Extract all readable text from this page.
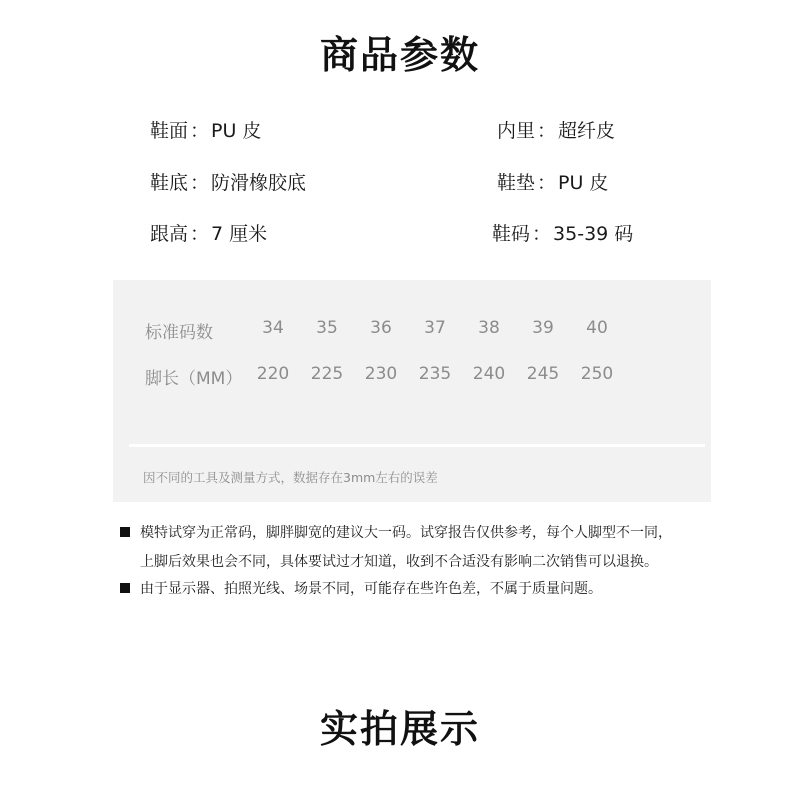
商品参数
鞋面 ： PU 皮	内里 ： 超纤皮
鞋底 ： 防滑橡胶底	鞋垫 ： PU 皮
跟高 ： 7 厘米	鞋码 ： 35-39 码
标准码数	34	35	36	37	38	39	40
脚长（MM） 220	225	230	235	240	245	250
因不同的工具及测量方式，数据存在3mm左右的误差
模特试穿为正常码，脚胖脚宽的建议大一码。试穿报告仅供参考，每个人脚型不一同，
上脚后效果也会不同，具体要试过才知道，收到不合适没有影响二次销售可以退换。
由于显示器、拍照光线、场景不同，可能存在些许色差，不属于质量问题。
实拍展示
